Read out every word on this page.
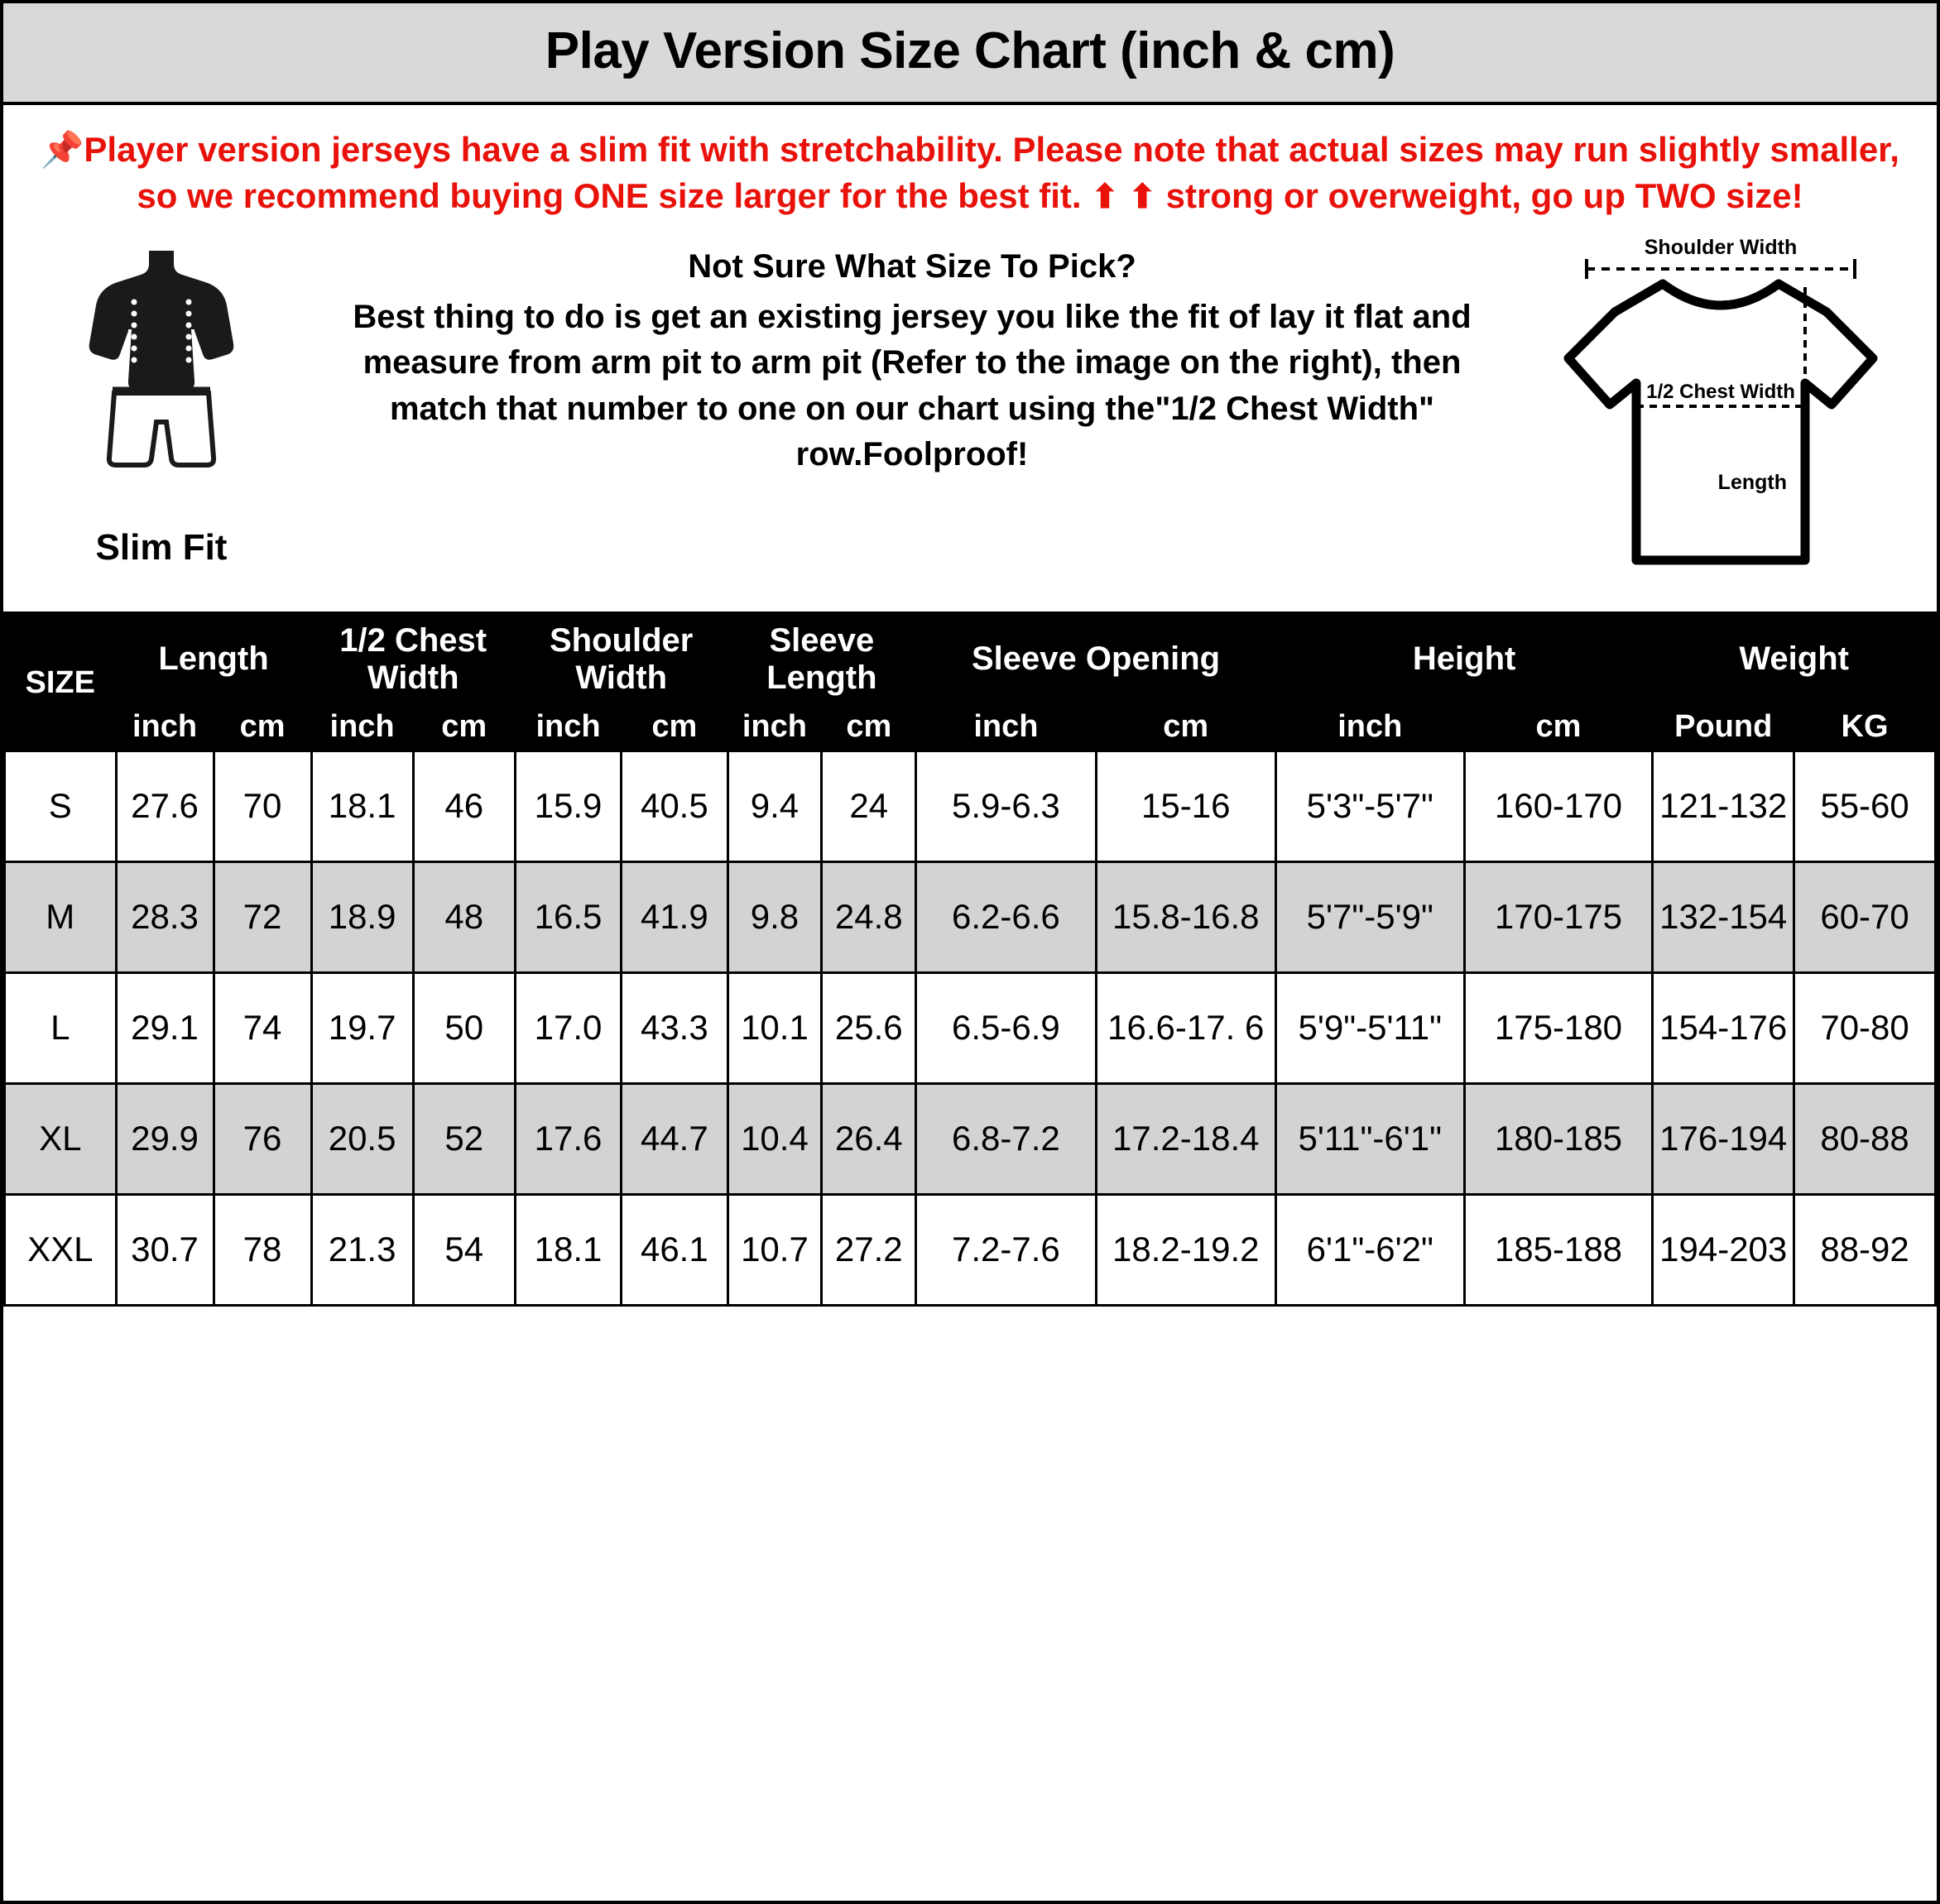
Play Version Size Chart (inch & cm)
📌Player version jerseys have a slim fit with stretchability. Please note that actual sizes may run slightly smaller, so we recommend buying ONE size larger for the best fit. ⬆ ⬆ strong or overweight, go up TWO size!
Slim Fit
Not Sure What Size To Pick?
Best thing to do is get an existing jersey you like the fit of lay it flat and measure from arm pit to arm pit (Refer to the image on the right), then match that number to one on our chart using the"1/2 Chest Width" row.Foolproof!
Shoulder Width
1/2 Chest Width
Length
SIZE	Length		1/2 Chest Width		Shoulder Width		Sleeve Length		Sleeve Opening		Height		Weight	
	inch	cm	inch	cm	inch	cm	inch	cm	inch	cm	inch	cm	Pound	KG
S	27.6	70	18.1	46	15.9	40.5	9.4	24	5.9-6.3	15-16	5'3"-5'7"	160-170	121-132	55-60
M	28.3	72	18.9	48	16.5	41.9	9.8	24.8	6.2-6.6	15.8-16.8	5'7"-5'9"	170-175	132-154	60-70
L	29.1	74	19.7	50	17.0	43.3	10.1	25.6	6.5-6.9	16.6-17. 6	5'9"-5'11"	175-180	154-176	70-80
XL	29.9	76	20.5	52	17.6	44.7	10.4	26.4	6.8-7.2	17.2-18.4	5'11"-6'1"	180-185	176-194	80-88
XXL	30.7	78	21.3	54	18.1	46.1	10.7	27.2	7.2-7.6	18.2-19.2	6'1"-6'2"	185-188	194-203	88-92
